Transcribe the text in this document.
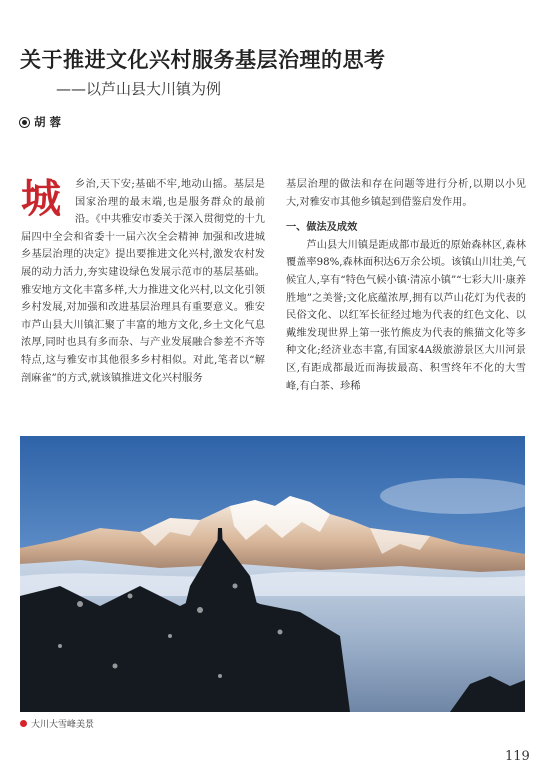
关于推进文化兴村服务基层治理的思考
——以芦山县大川镇为例
胡 蓉

城	乡治,天下安;基础不牢,地动山摇。基层是国家治理的最末端,也是服务群众的最前沿。《中共雅安市委关于深入贯彻党的十九届四中全会和省委十一届六次全会精神 加强和改进城乡基层治理的决定》提出要推进文化兴村,激发农村发展的动力活力,夯实建设绿色发展示范市的基层基础。雅安地方文化丰富多样,大力推进文化兴村,以文化引领乡村发展,对加强和改进基层治理具有重要意义。雅安市芦山县大川镇汇聚了丰富的地方文化,乡土文化气息浓厚,同时也具有多而杂、与产业发展融合参差不齐等特点,这与雅安市其他很多乡村相似。对此,笔者以“解剖麻雀”的方式,就该镇推进文化兴村服务

基层治理的做法和存在问题等进行分析,以期以小见大,对雅安市其他乡镇起到借鉴启发作用。

一、做法及成效

芦山县大川镇是距成都市最近的原始森林区,森林覆盖率98%,森林面积达6万余公顷。该镇山川壮美,气候宜人,享有“特色气候小镇·清凉小镇”“七彩大川·康养胜地”之美誉;文化底蕴浓厚,拥有以芦山花灯为代表的民俗文化、以红军长征经过地为代表的红色文化、以戴维发现世界上第一张竹熊皮为代表的熊猫文化等多种文化;经济业态丰富,有国家4A级旅游景区大川河景区,有距成都最近而海拔最高、积雪终年不化的大雪峰,有白茶、珍稀

大川大雪峰美景
119
